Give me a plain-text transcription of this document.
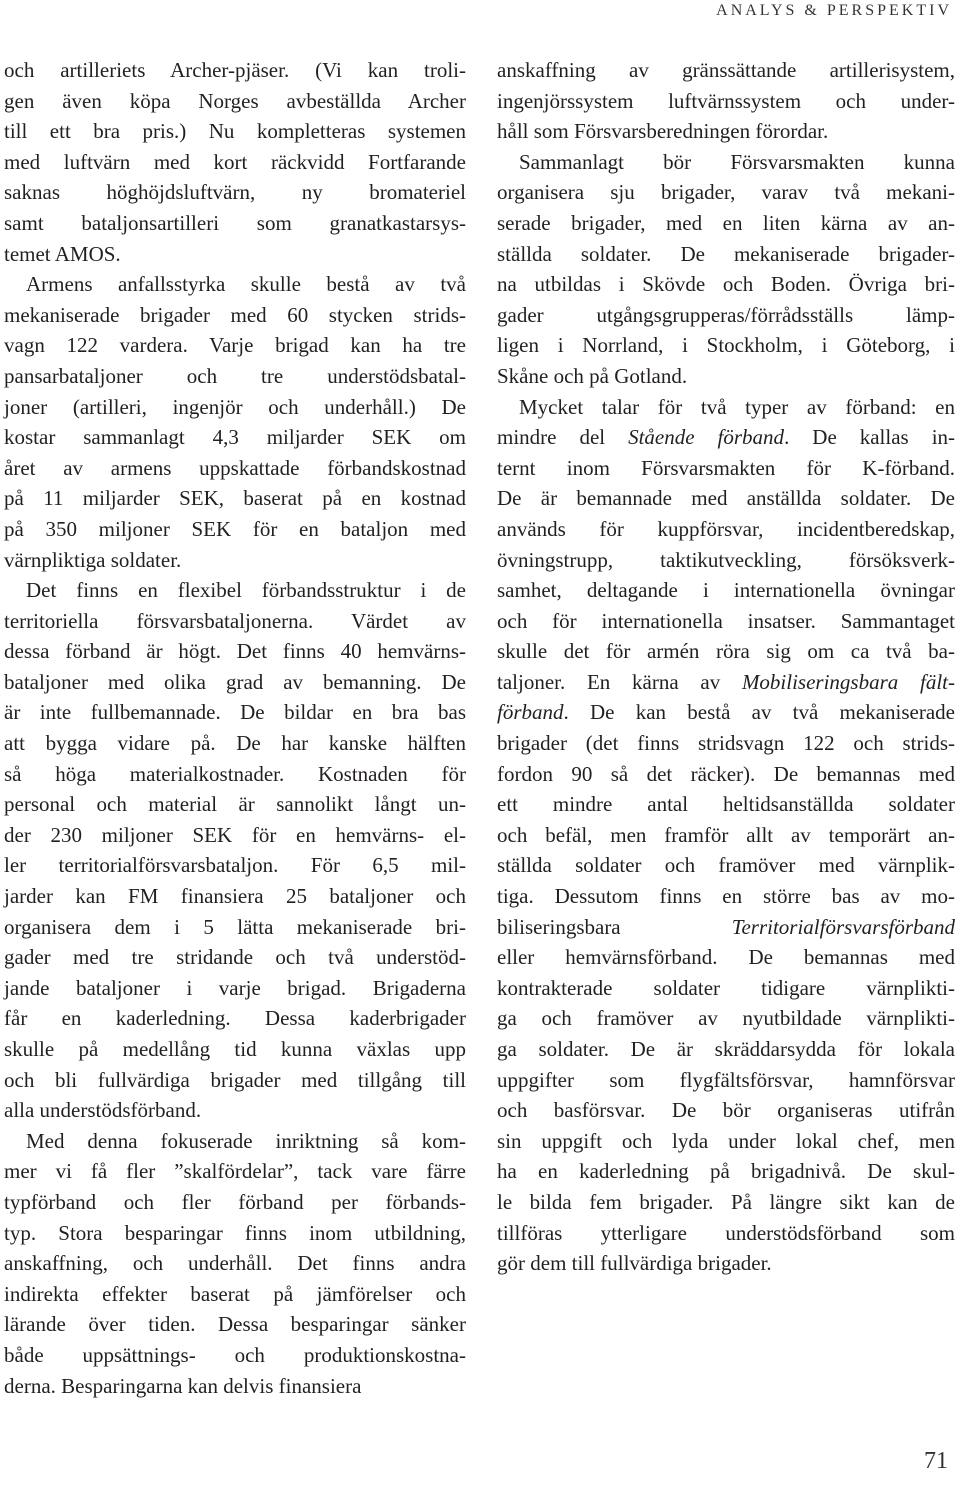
ANALYS & PERSPEKTIV
och artilleriets Archer-pjäser. (Vi kan troli-
gen även köpa Norges avbeställda Archer
till ett bra pris.) Nu kompletteras systemen
med luftvärn med kort räckvidd Fortfarande
saknas höghöjdsluftvärn, ny bromateriel
samt bataljonsartilleri som granatkastarsys-
temet AMOS.
Armens anfallsstyrka skulle bestå av två
mekaniserade brigader med 60 stycken strids-
vagn 122 vardera. Varje brigad kan ha tre
pansarbataljoner och tre understödsbatal-
joner (artilleri, ingenjör och underhåll.) De
kostar sammanlagt 4,3 miljarder SEK om
året av armens uppskattade förbandskostnad
på 11 miljarder SEK, baserat på en kostnad
på 350 miljoner SEK för en bataljon med
värnpliktiga soldater.
Det finns en flexibel förbandsstruktur i de
territoriella försvarsbataljonerna. Värdet av
dessa förband är högt. Det finns 40 hemvärns-
bataljoner med olika grad av bemanning. De
är inte fullbemannade. De bildar en bra bas
att bygga vidare på. De har kanske hälften
så höga materialkostnader. Kostnaden för
personal och material är sannolikt långt un-
der 230 miljoner SEK för en hemvärns- el-
ler territorialförsvarsbataljon. För 6,5 mil-
jarder kan FM finansiera 25 bataljoner och
organisera dem i 5 lätta mekaniserade bri-
gader med tre stridande och två understöd-
jande bataljoner i varje brigad. Brigaderna
får en kaderledning. Dessa kaderbrigader
skulle på medellång tid kunna växlas upp
och bli fullvärdiga brigader med tillgång till
alla understödsförband.
Med denna fokuserade inriktning så kom-
mer vi få fler ”skalfördelar”, tack vare färre
typförband och fler förband per förbands-
typ. Stora besparingar finns inom utbildning,
anskaffning, och underhåll. Det finns andra
indirekta effekter baserat på jämförelser och
lärande över tiden. Dessa besparingar sänker
både uppsättnings- och produktionskostna-
derna. Besparingarna kan delvis finansiera
anskaffning av gränssättande artillerisystem,
ingenjörssystem luftvärnssystem och under-
håll som Försvarsberedningen förordar.
Sammanlagt bör Försvarsmakten kunna
organisera sju brigader, varav två mekani-
serade brigader, med en liten kärna av an-
ställda soldater. De mekaniserade brigader-
na utbildas i Skövde och Boden. Övriga bri-
gader utgångsgrupperas/förrådsställs lämp-
ligen i Norrland, i Stockholm, i Göteborg, i
Skåne och på Gotland.
Mycket talar för två typer av förband: en
mindre del Stående förband. De kallas in-
ternt inom Försvarsmakten för K-förband.
De är bemannade med anställda soldater. De
används för kuppförsvar, incidentberedskap,
övningstrupp, taktikutveckling, försöksverk-
samhet, deltagande i internationella övningar
och för internationella insatser. Sammantaget
skulle det för armén röra sig om ca två ba-
taljoner. En kärna av Mobiliseringsbara fält-
förband. De kan bestå av två mekaniserade
brigader (det finns stridsvagn 122 och strids-
fordon 90 så det räcker). De bemannas med
ett mindre antal heltidsanställda soldater
och befäl, men framför allt av temporärt an-
ställda soldater och framöver med värnplik-
tiga. Dessutom finns en större bas av mo-
biliseringsbara Territorialförsvarsförband
eller hemvärnsförband. De bemannas med
kontrakterade soldater tidigare värnplikti-
ga och framöver av nyutbildade värnplikti-
ga soldater. De är skräddarsydda för lokala
uppgifter som flygfältsförsvar, hamnförsvar
och basförsvar. De bör organiseras utifrån
sin uppgift och lyda under lokal chef, men
ha en kaderledning på brigadnivå. De skul-
le bilda fem brigader. På längre sikt kan de
tillföras ytterligare understödsförband som
gör dem till fullvärdiga brigader.
71
